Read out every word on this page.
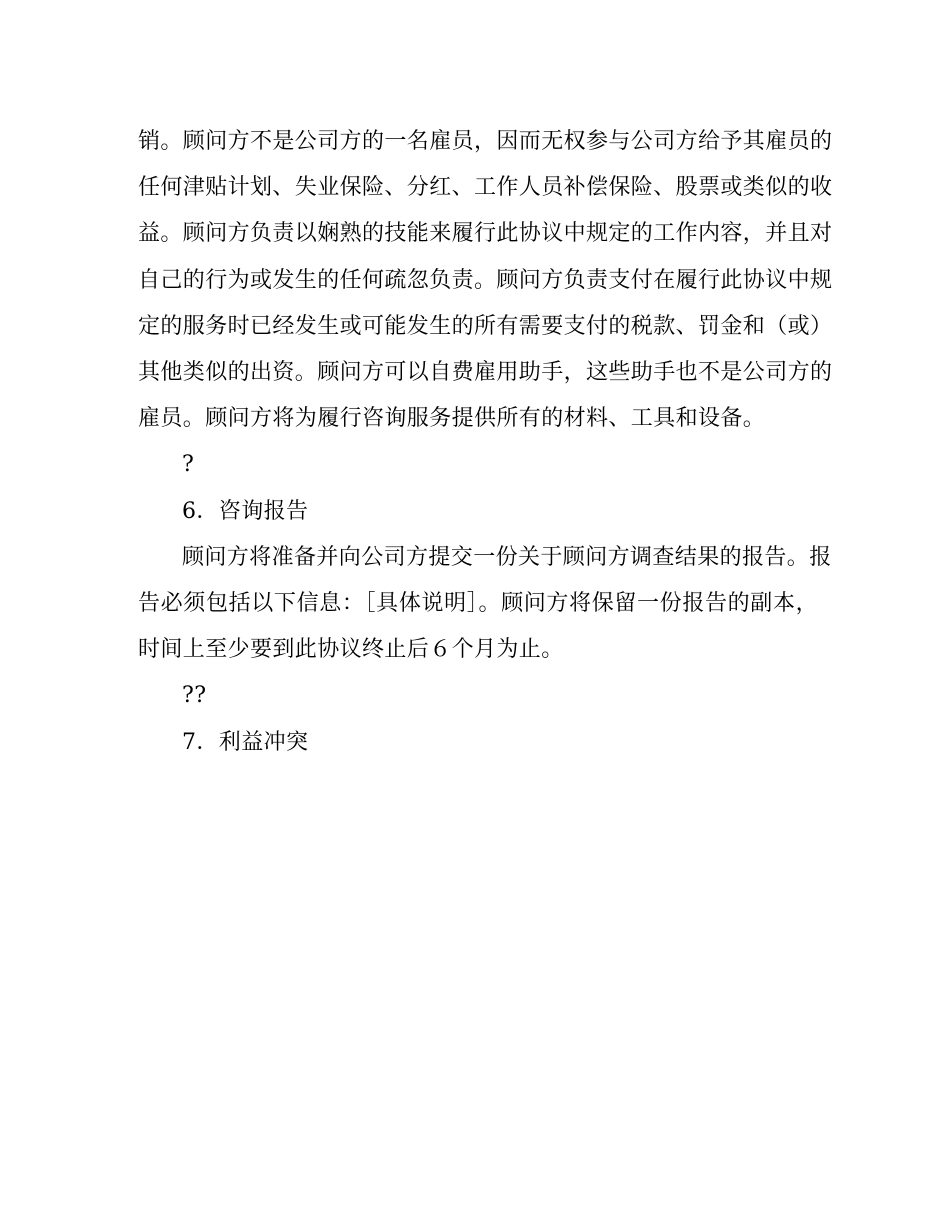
销。顾问方不是公司方的一名雇员，因而无权参与公司方给予其雇员的
任何津贴计划、失业保险、分红、工作人员补偿保险、股票或类似的收
益。顾问方负责以娴熟的技能来履行此协议中规定的工作内容，并且对
自己的行为或发生的任何疏忽负责。顾问方负责支付在履行此协议中规
定的服务时已经发生或可能发生的所有需要支付的税款、罚金和（或）
其他类似的出资。顾问方可以自费雇用助手，这些助手也不是公司方的
雇员。顾问方将为履行咨询服务提供所有的材料、工具和设备。
?
6．咨询报告
顾问方将准备并向公司方提交一份关于顾问方调查结果的报告。报
告必须包括以下信息：［具体说明］。顾问方将保留一份报告的副本，
时间上至少要到此协议终止后６个月为止。
??
7．利益冲突
